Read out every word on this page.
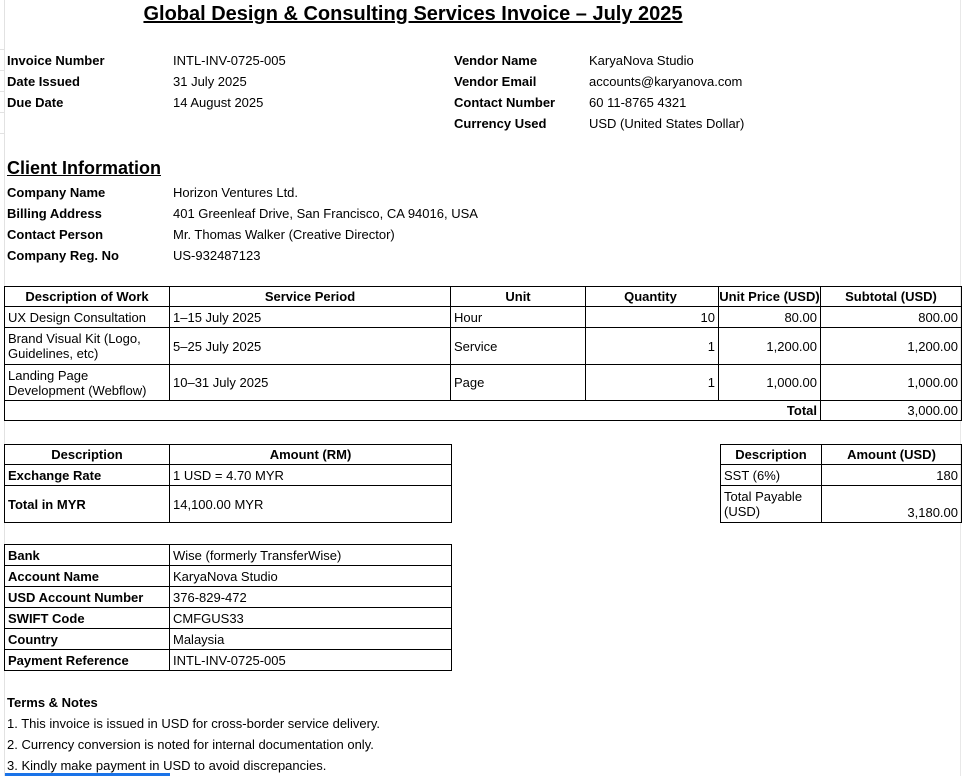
Global Design & Consulting Services Invoice – July 2025
Invoice Number	INTL-INV-0725-005
Date Issued	31 July 2025
Due Date	14 August 2025
Vendor Name	KaryaNova Studio
Vendor Email	accounts@karyanova.com
Contact Number	60 11-8765 4321
Currency Used	USD (United States Dollar)
Client Information
Company Name	Horizon Ventures Ltd.
Billing Address	401 Greenleaf Drive, San Francisco, CA 94016, USA
Contact Person	Mr. Thomas Walker (Creative Director)
Company Reg. No	US-932487123
Description of Work	Service Period	Unit	Quantity	Unit Price (USD)	Subtotal (USD)
UX Design Consultation	1–15 July 2025	Hour	10	80.00	800.00
Brand Visual Kit (Logo, Guidelines, etc)	5–25 July 2025	Service	1	1,200.00	1,200.00
Landing Page Development (Webflow)	10–31 July 2025	Page	1	1,000.00	1,000.00
Total					3,000.00
Description	Amount (RM)
Exchange Rate	1 USD = 4.70 MYR
Total in MYR	14,100.00 MYR
Description	Amount (USD)
SST (6%)	180
Total Payable (USD)	3,180.00
Bank	Wise (formerly TransferWise)
Account Name	KaryaNova Studio
USD Account Number	376-829-472
SWIFT Code	CMFGUS33
Country	Malaysia
Payment Reference	INTL-INV-0725-005
Terms & Notes
1. This invoice is issued in USD for cross-border service delivery.
2. Currency conversion is noted for internal documentation only.
3. Kindly make payment in USD to avoid discrepancies.
